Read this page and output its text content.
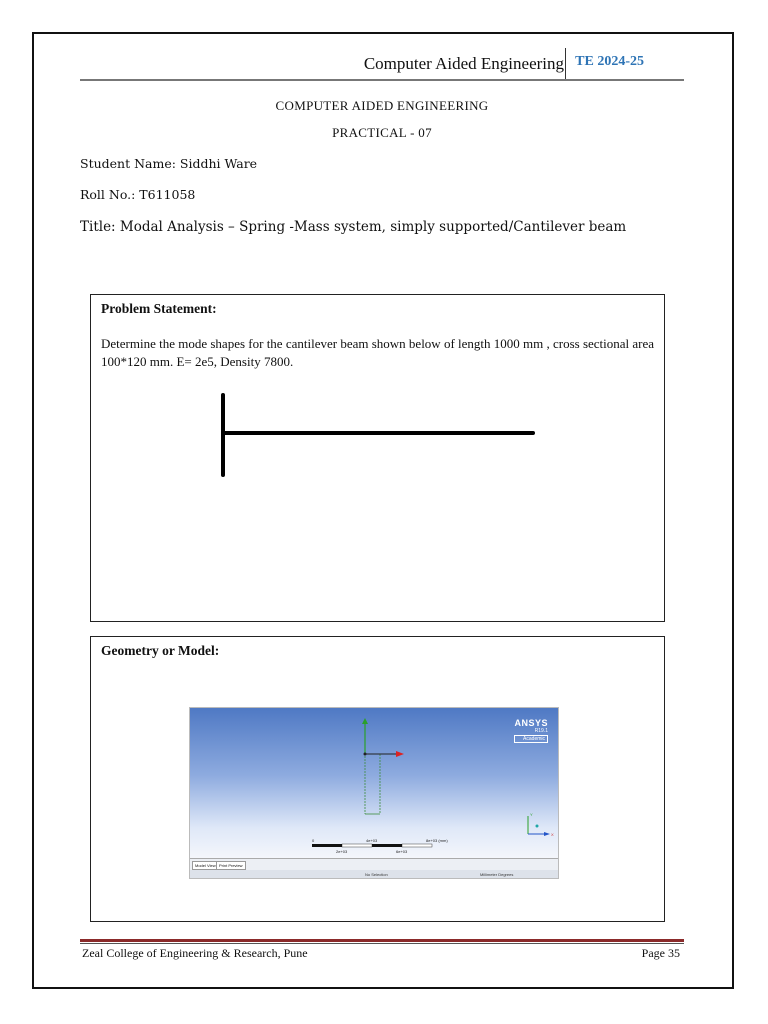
Computer Aided Engineering TE 2024-25
COMPUTER AIDED ENGINEERING
PRACTICAL - 07
Student Name: Siddhi Ware
Roll No.: T611058
Title: Modal Analysis – Spring -Mass system, simply supported/Cantilever beam
Problem Statement:
Determine the mode shapes for the cantilever beam shown below of length 1000 mm , cross sectional area 100*120 mm. E= 2e5, Density 7800.
Geometry or Model:
ANSYS
R19.1
Academic
0	4e+03	8e+03 (mm)
2e+03	6e+03
Y
X
Model View Print Preview
No Selection	Millimeter Degrees
Zeal College of Engineering & Research, Pune	Page 35
